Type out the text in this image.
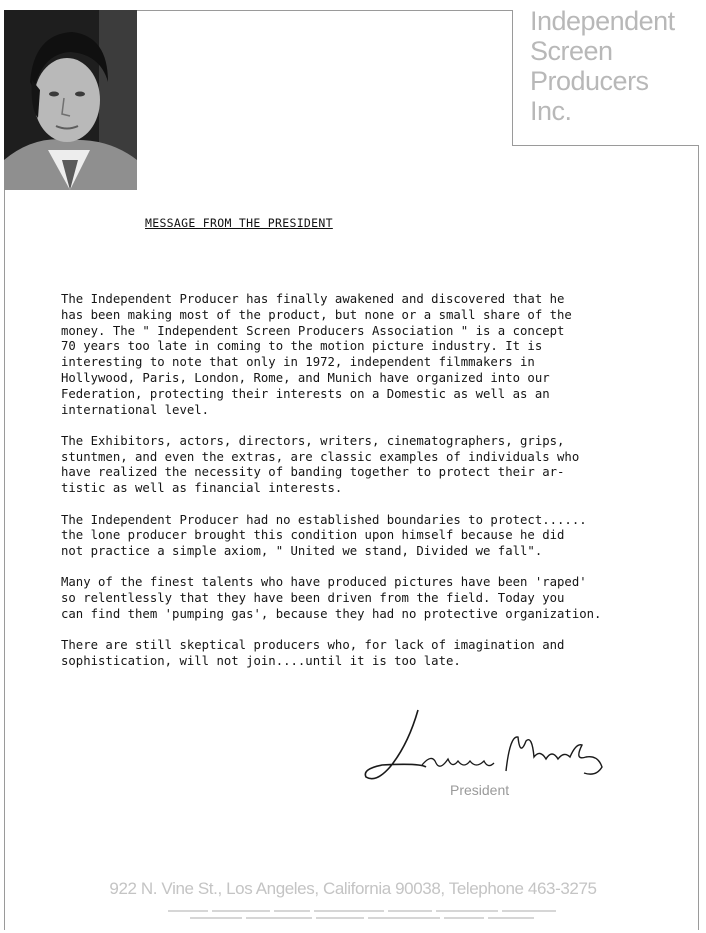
Independent
Screen
Producers
Inc.
MESSAGE FROM THE PRESIDENT

The Independent Producer has finally awakened and discovered that he
has been making most of the product, but none or a small share of the
money. The " Independent Screen Producers Association " is a concept
70 years too late in coming to the motion picture industry. It is
interesting to note that only in 1972, independent filmmakers in
Hollywood, Paris, London, Rome, and Munich have organized into our
Federation, protecting their interests on a Domestic as well as an
international level.

The Exhibitors, actors, directors, writers, cinematographers, grips,
stuntmen, and even the extras, are classic examples of individuals who
have realized the necessity of banding together to protect their ar-
tistic as well as financial interests.

The Independent Producer had no established boundaries to protect......
the lone producer brought this condition upon himself because he did
not practice a simple axiom, " United we stand, Divided we fall".

Many of the finest talents who have produced pictures have been 'raped'
so relentlessly that they have been driven from the field. Today you
can find them 'pumping gas', because they had no protective organization.

There are still skeptical producers who, for lack of imagination and
sophistication, will not join....until it is too late.

President
922 N. Vine St., Los Angeles, California 90038, Telephone 463-3275
